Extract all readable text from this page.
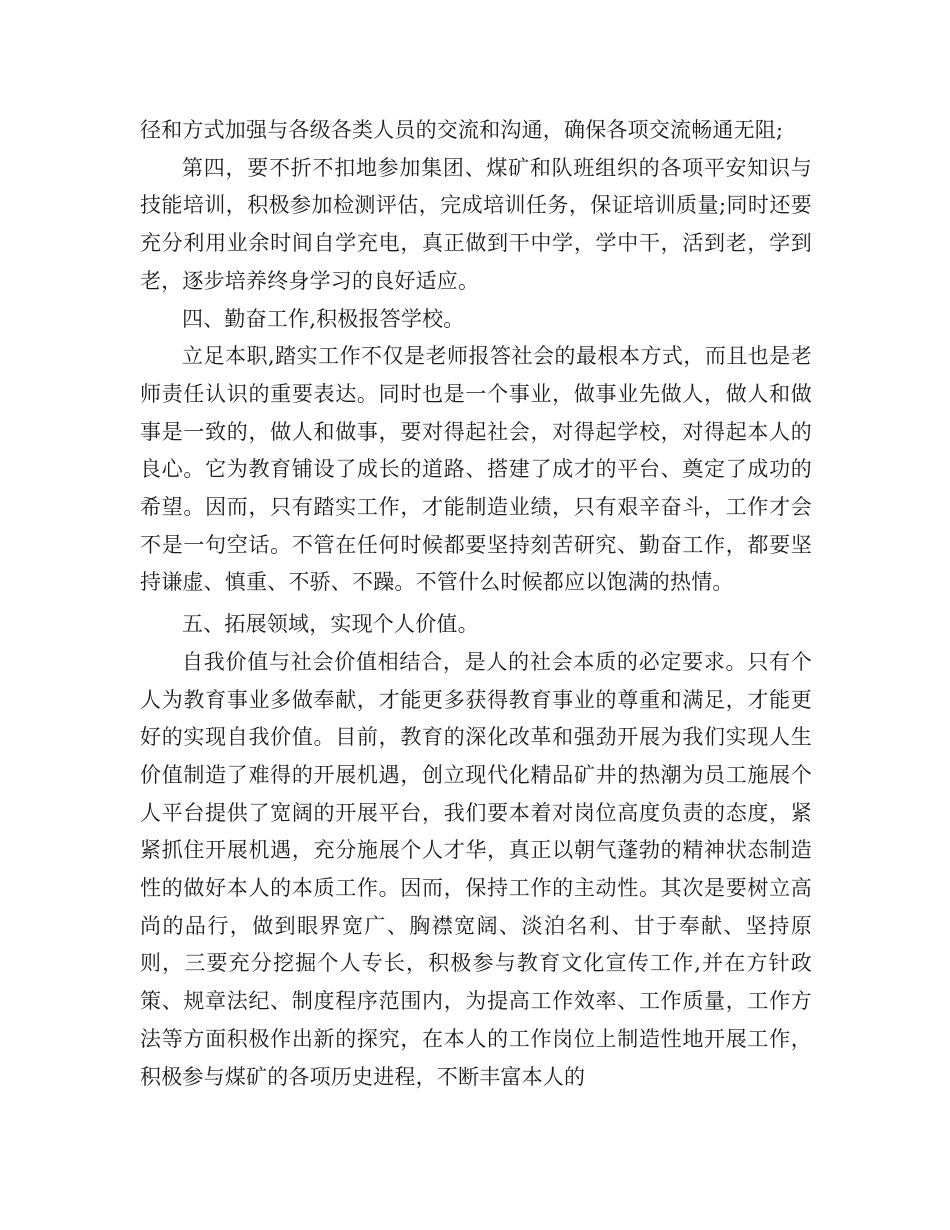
径和方式加强与各级各类人员的交流和沟通，确保各项交流畅通无阻;

第四，要不折不扣地参加集团、煤矿和队班组织的各项平安知识与技能培训，积极参加检测评估，完成培训任务，保证培训质量;同时还要充分利用业余时间自学充电，真正做到干中学，学中干，活到老，学到老，逐步培养终身学习的良好适应。

四、勤奋工作,积极报答学校。

立足本职,踏实工作不仅是老师报答社会的最根本方式，而且也是老师责任认识的重要表达。同时也是一个事业，做事业先做人，做人和做事是一致的，做人和做事，要对得起社会，对得起学校，对得起本人的良心。它为教育铺设了成长的道路、搭建了成才的平台、奠定了成功的希望。因而，只有踏实工作，才能制造业绩，只有艰辛奋斗，工作才会不是一句空话。不管在任何时候都要坚持刻苦研究、勤奋工作，都要坚持谦虚、慎重、不骄、不躁。不管什么时候都应以饱满的热情。

五、拓展领域，实现个人价值。

自我价值与社会价值相结合，是人的社会本质的必定要求。只有个人为教育事业多做奉献，才能更多获得教育事业的尊重和满足，才能更好的实现自我价值。目前，教育的深化改革和强劲开展为我们实现人生价值制造了难得的开展机遇，创立现代化精品矿井的热潮为员工施展个人平台提供了宽阔的开展平台，我们要本着对岗位高度负责的态度，紧紧抓住开展机遇，充分施展个人才华，真正以朝气蓬勃的精神状态制造性的做好本人的本质工作。因而，保持工作的主动性。其次是要树立高尚的品行，做到眼界宽广、胸襟宽阔、淡泊名利、甘于奉献、坚持原则，三要充分挖掘个人专长，积极参与教育文化宣传工作,并在方针政策、规章法纪、制度程序范围内，为提高工作效率、工作质量，工作方法等方面积极作出新的探究，在本人的工作岗位上制造性地开展工作，积极参与煤矿的各项历史进程，不断丰富本人的
